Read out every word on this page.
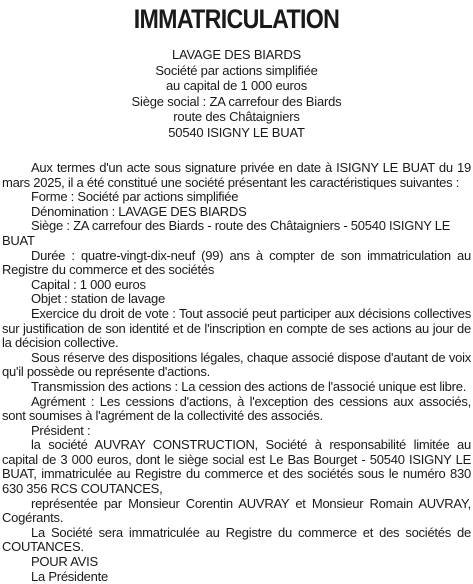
IMMATRICULATION
LAVAGE DES BIARDS
Société par actions simplifiée
au capital de 1 000 euros
Siège social : ZA carrefour des Biards
route des Châtaigniers
50540 ISIGNY LE BUAT

Aux termes d'un acte sous signature privée en date à ISIGNY LE BUAT du 19 mars 2025, il a été constitué une société présentant les caractéristiques suivantes :

Forme : Société par actions simplifiée

Dénomination : LAVAGE DES BIARDS

Siège : ZA carrefour des Biards - route des Châtaigniers - 50540 ISIGNY LE BUAT

Durée : quatre-vingt-dix-neuf (99) ans à compter de son immatriculation au Registre du commerce et des sociétés

Capital : 1 000 euros

Objet : station de lavage

Exercice du droit de vote : Tout associé peut participer aux décisions collectives sur justification de son identité et de l'inscription en compte de ses actions au jour de la décision collective.

Sous réserve des dispositions légales, chaque associé dispose d'autant de voix qu'il possède ou représente d'actions.

Transmission des actions : La cession des actions de l'associé unique est libre.

Agrément : Les cessions d'actions, à l'exception des cessions aux associés, sont soumises à l'agrément de la collectivité des associés.

Président :

la société AUVRAY CONSTRUCTION, Société à responsabilité limitée au capital de 3 000 euros, dont le siège social est Le Bas Bourget - 50540 ISIGNY LE BUAT, immatriculée au Registre du commerce et des sociétés sous le numéro 830 630 356 RCS COUTANCES,

représentée par Monsieur Corentin AUVRAY et Monsieur Romain AUVRAY, Cogérants.

La Société sera immatriculée au Registre du commerce et des sociétés de COUTANCES.

POUR AVIS

La Présidente
